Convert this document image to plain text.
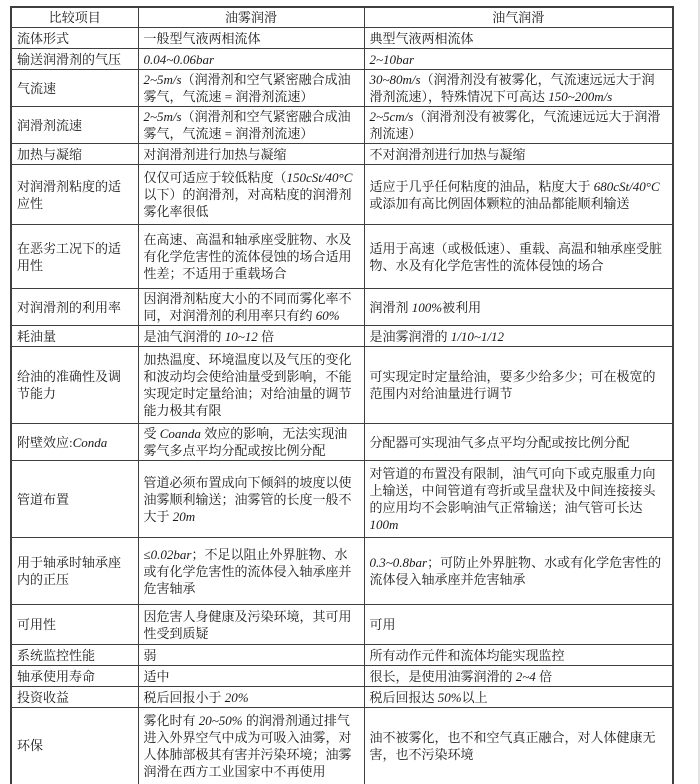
比较项目	油雾润滑	油气润滑
流体形式	一般型气液两相流体	典型气液两相流体
输送润滑剂的气压	0.04~0.06bar	2~10bar
气流速	2~5m/s（润滑剂和空气紧密融合成油雾气，气流速 = 润滑剂流速）	30~80m/s（润滑剂没有被雾化，气流速远远大于润滑剂流速），特殊情况下可高达 150~200m/s
润滑剂流速	2~5m/s（润滑剂和空气紧密融合成油雾气，气流速 = 润滑剂流速）	2~5cm/s（润滑剂没有被雾化，气流速远远大于润滑剂流速）
加热与凝缩	对润滑剂进行加热与凝缩	不对润滑剂进行加热与凝缩
对润滑剂粘度的适应性	仅仅可适应于较低粘度（150cSt/40°C 以下）的润滑剂，对高粘度的润滑剂雾化率很低	适应于几乎任何粘度的油品，粘度大于 680cSt/40°C 或添加有高比例固体颗粒的油品都能顺利输送
在恶劣工况下的适用性	在高速、高温和轴承座受脏物、水及有化学危害性的流体侵蚀的场合适用性差；不适用于重载场合	适用于高速（或极低速）、重载、高温和轴承座受脏物、水及有化学危害性的流体侵蚀的场合
对润滑剂的利用率	因润滑剂粘度大小的不同而雾化率不同，对润滑剂的利用率只有约 60%	润滑剂 100%被利用
耗油量	是油气润滑的 10~12 倍	是油雾润滑的 1/10~1/12
给油的准确性及调节能力	加热温度、环境温度以及气压的变化和波动均会使给油量受到影响，不能实现定时定量给油；对给油量的调节能力极其有限	可实现定时定量给油，要多少给多少；可在极宽的范围内对给油量进行调节
附壁效应:Conda	受 Coanda 效应的影响，无法实现油雾气多点平均分配或按比例分配	分配器可实现油气多点平均分配或按比例分配
管道布置	管道必须布置成向下倾斜的坡度以使油雾顺利输送；油雾管的长度一般不大于 20m	对管道的布置没有限制，油气可向下或克服重力向上输送，中间管道有弯折或呈盘状及中间连接接头的应用均不会影响油气正常输送；油气管可长达 100m
用于轴承时轴承座内的正压	≤0.02bar；不足以阻止外界脏物、水或有化学危害性的流体侵入轴承座并危害轴承	0.3~0.8bar；可防止外界脏物、水或有化学危害性的流体侵入轴承座并危害轴承
可用性	因危害人身健康及污染环境，其可用性受到质疑	可用
系统监控性能	弱	所有动作元件和流体均能实现监控
轴承使用寿命	适中	很长，是使用油雾润滑的 2~4 倍
投资收益	税后回报小于 20%	税后回报达 50%以上
环保	雾化时有 20~50% 的润滑剂通过排气进入外界空气中成为可吸入油雾，对人体肺部极其有害并污染环境；油雾润滑在西方工业国家中不再使用	油不被雾化，也不和空气真正融合，对人体健康无害，也不污染环境
